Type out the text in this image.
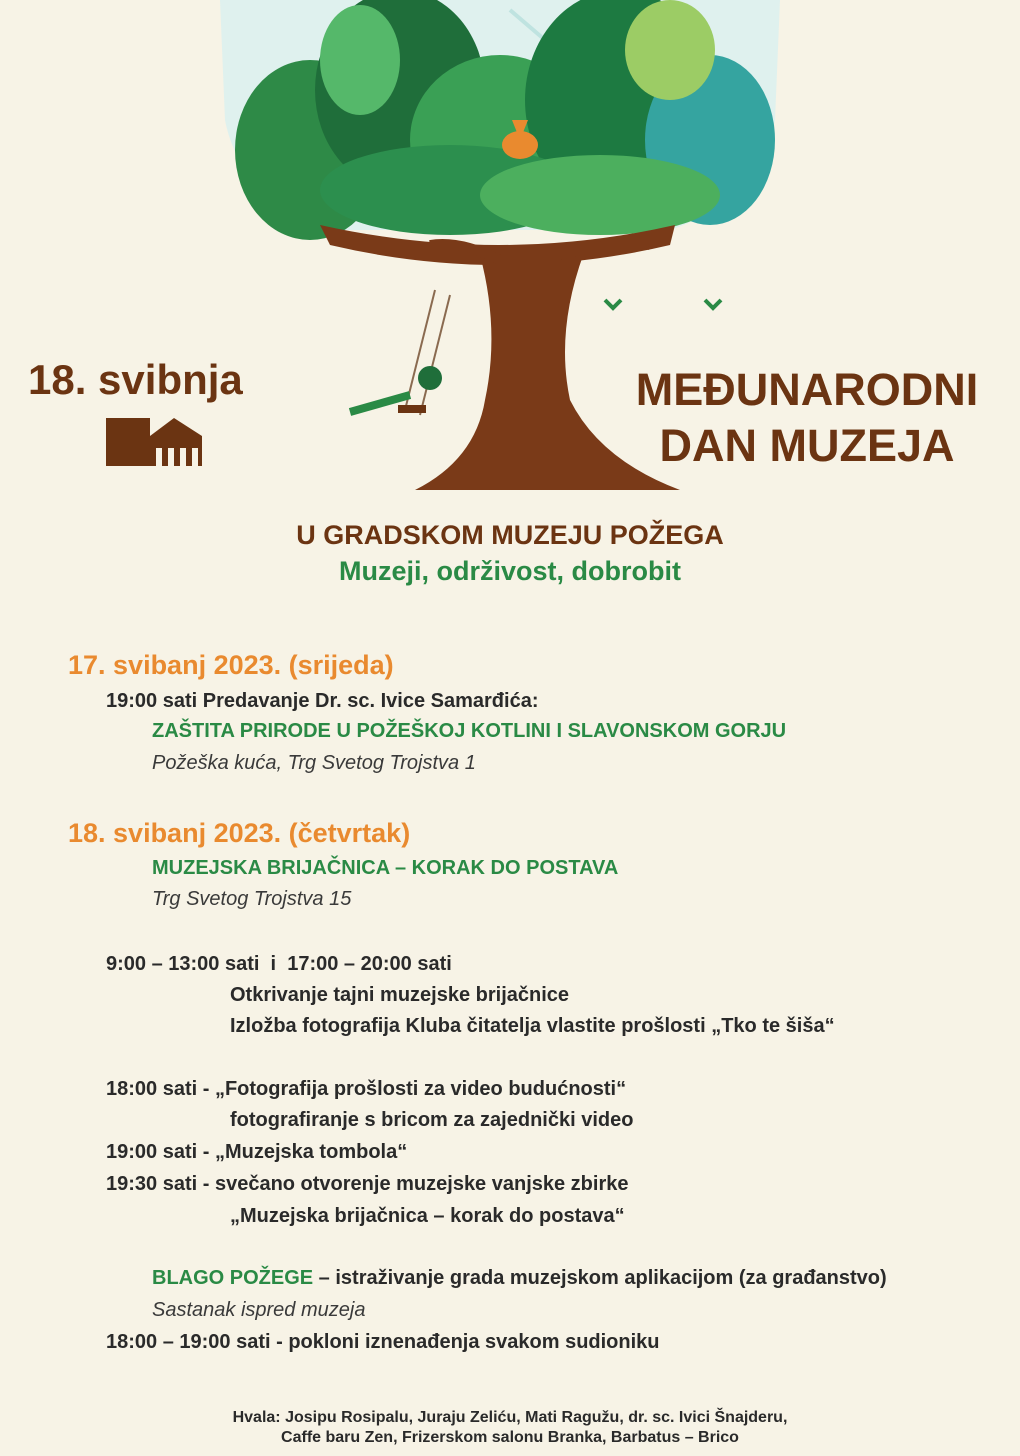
18. svibnja	MEĐUNARODNI
DAN MUZEJA
U GRADSKOM MUZEJU POŽEGA
Muzeji, održivost, dobrobit
17. svibanj 2023. (srijeda)
19:00 sati Predavanje Dr. sc. Ivice Samarđića:
ZAŠTITA PRIRODE U POŽEŠKOJ KOTLINI I SLAVONSKOM GORJU
Požeška kuća, Trg Svetog Trojstva 1
18. svibanj 2023. (četvrtak)
MUZEJSKA BRIJAČNICA – KORAK DO POSTAVA
Trg Svetog Trojstva 15
9:00 – 13:00 sati  i  17:00 – 20:00 sati
Otkrivanje tajni muzejske brijačnice
Izložba fotografija Kluba čitatelja vlastite prošlosti „Tko te šiša“
18:00 sati - „Fotografija prošlosti za video budućnosti“
fotografiranje s bricom za zajednički video
19:00 sati - „Muzejska tombola“
19:30 sati - svečano otvorenje muzejske vanjske zbirke
„Muzejska brijačnica – korak do postava“
BLAGO POŽEGE – istraživanje grada muzejskom aplikacijom (za građanstvo)
Sastanak ispred muzeja
18:00 – 19:00 sati - pokloni iznenađenja svakom sudioniku
Hvala: Josipu Rosipalu, Juraju Zeliću, Mati Ragužu, dr. sc. Ivici Šnajderu,
Caffe baru Zen, Frizerskom salonu Branka, Barbatus – Brico
